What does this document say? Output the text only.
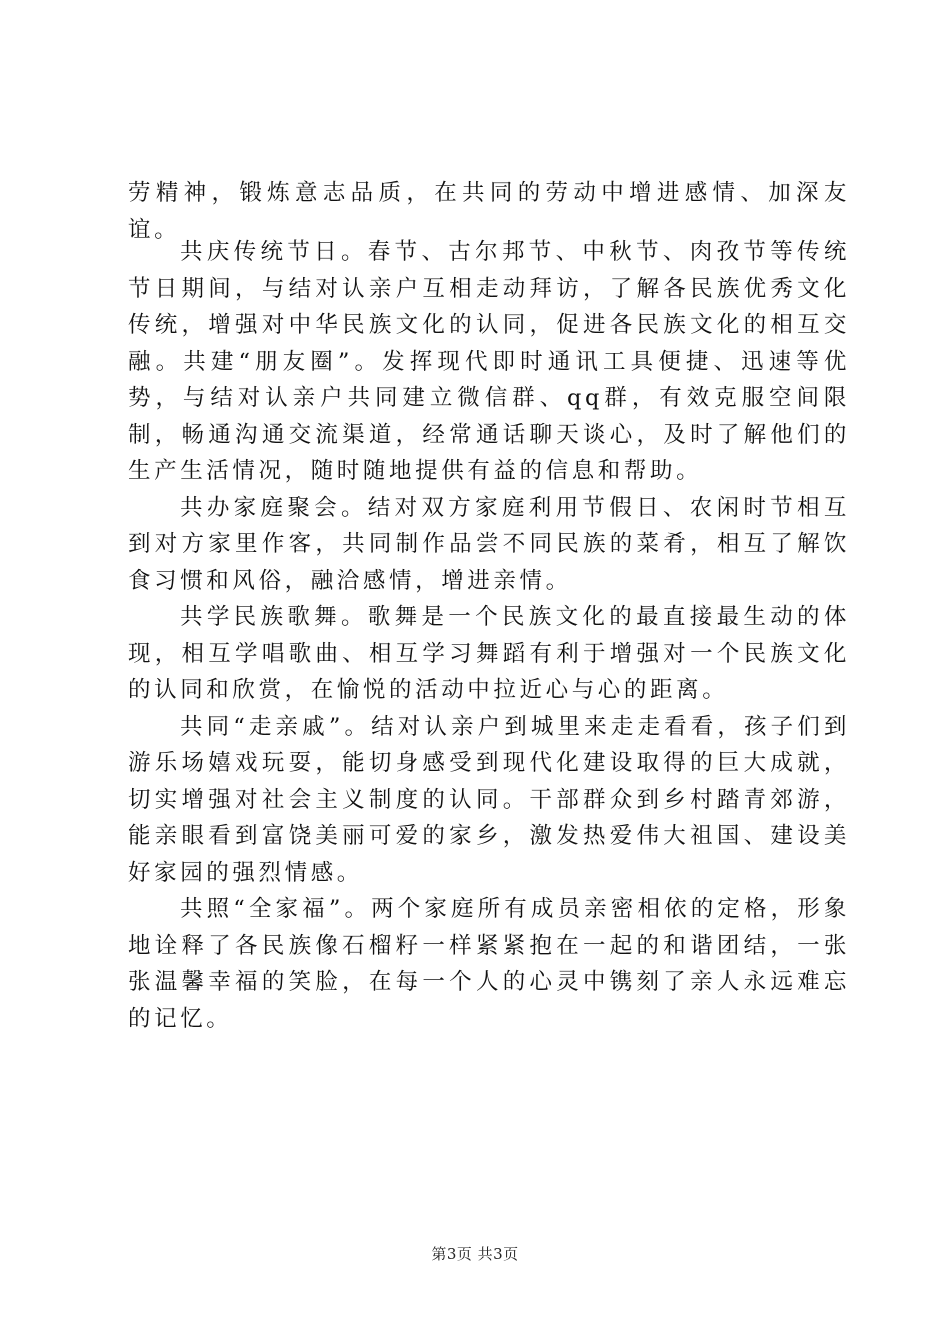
劳精神，锻炼意志品质，在共同的劳动中增进感情、加深友谊。

共庆传统节日。春节、古尔邦节、中秋节、肉孜节等传统节日期间，与结对认亲户互相走动拜访，了解各民族优秀文化传统，增强对中华民族文化的认同，促进各民族文化的相互交融。共建“朋友圈”。发挥现代即时通讯工具便捷、迅速等优势，与结对认亲户共同建立微信群、qq群，有效克服空间限制，畅通沟通交流渠道，经常通话聊天谈心，及时了解他们的生产生活情况，随时随地提供有益的信息和帮助。

共办家庭聚会。结对双方家庭利用节假日、农闲时节相互到对方家里作客，共同制作品尝不同民族的菜肴，相互了解饮食习惯和风俗，融洽感情，增进亲情。

共学民族歌舞。歌舞是一个民族文化的最直接最生动的体现，相互学唱歌曲、相互学习舞蹈有利于增强对一个民族文化的认同和欣赏，在愉悦的活动中拉近心与心的距离。

共同“走亲戚”。结对认亲户到城里来走走看看，孩子们到游乐场嬉戏玩耍，能切身感受到现代化建设取得的巨大成就，切实增强对社会主义制度的认同。干部群众到乡村踏青郊游，能亲眼看到富饶美丽可爱的家乡，激发热爱伟大祖国、建设美好家园的强烈情感。

共照“全家福”。两个家庭所有成员亲密相依的定格，形象地诠释了各民族像石榴籽一样紧紧抱在一起的和谐团结，一张张温馨幸福的笑脸，在每一个人的心灵中镌刻了亲人永远难忘的记忆。

第3页 共3页
